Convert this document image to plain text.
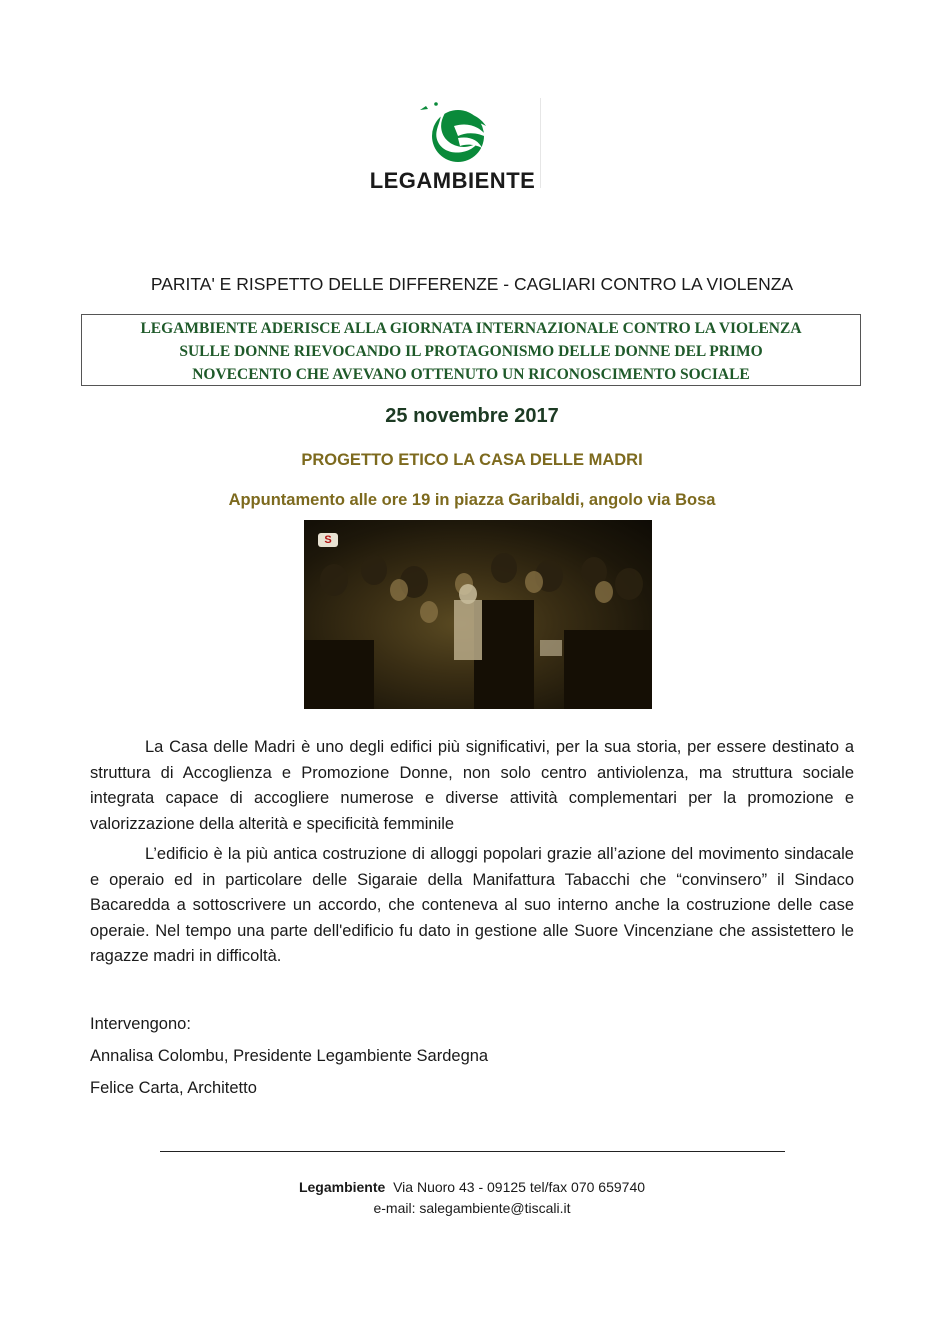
LEGAMBIENTE
PARITA' E RISPETTO DELLE DIFFERENZE - CAGLIARI CONTRO LA VIOLENZA
LEGAMBIENTE ADERISCE ALLA GIORNATA INTERNAZIONALE CONTRO LA VIOLENZA
SULLE DONNE RIEVOCANDO IL PROTAGONISMO DELLE DONNE DEL PRIMO
NOVECENTO CHE AVEVANO OTTENUTO UN RICONOSCIMENTO SOCIALE
25 novembre 2017
PROGETTO ETICO LA CASA DELLE MADRI
Appuntamento alle ore 19 in piazza Garibaldi, angolo via Bosa
S
La Casa delle Madri è uno degli edifici più significativi, per la sua storia, per essere destinato a struttura di Accoglienza e Promozione Donne, non solo centro antiviolenza, ma struttura sociale integrata capace di accogliere numerose e diverse attività complementari per la promozione e valorizzazione della alterità e specificità femminile
L’edificio è la più antica costruzione di alloggi popolari grazie all’azione del movimento sindacale e operaio ed in particolare delle Sigaraie della Manifattura Tabacchi che “convinsero” il Sindaco Bacaredda a sottoscrivere un accordo, che conteneva al suo interno anche la costruzione delle case operaie. Nel tempo una parte dell'edificio fu dato in gestione alle Suore Vincenziane che assistettero le ragazze madri in difficoltà.
Intervengono:
Annalisa Colombu, Presidente Legambiente Sardegna
Felice Carta, Architetto
Legambiente Via Nuoro 43 - 09125 tel/fax 070 659740
e-mail: salegambiente@tiscali.it
